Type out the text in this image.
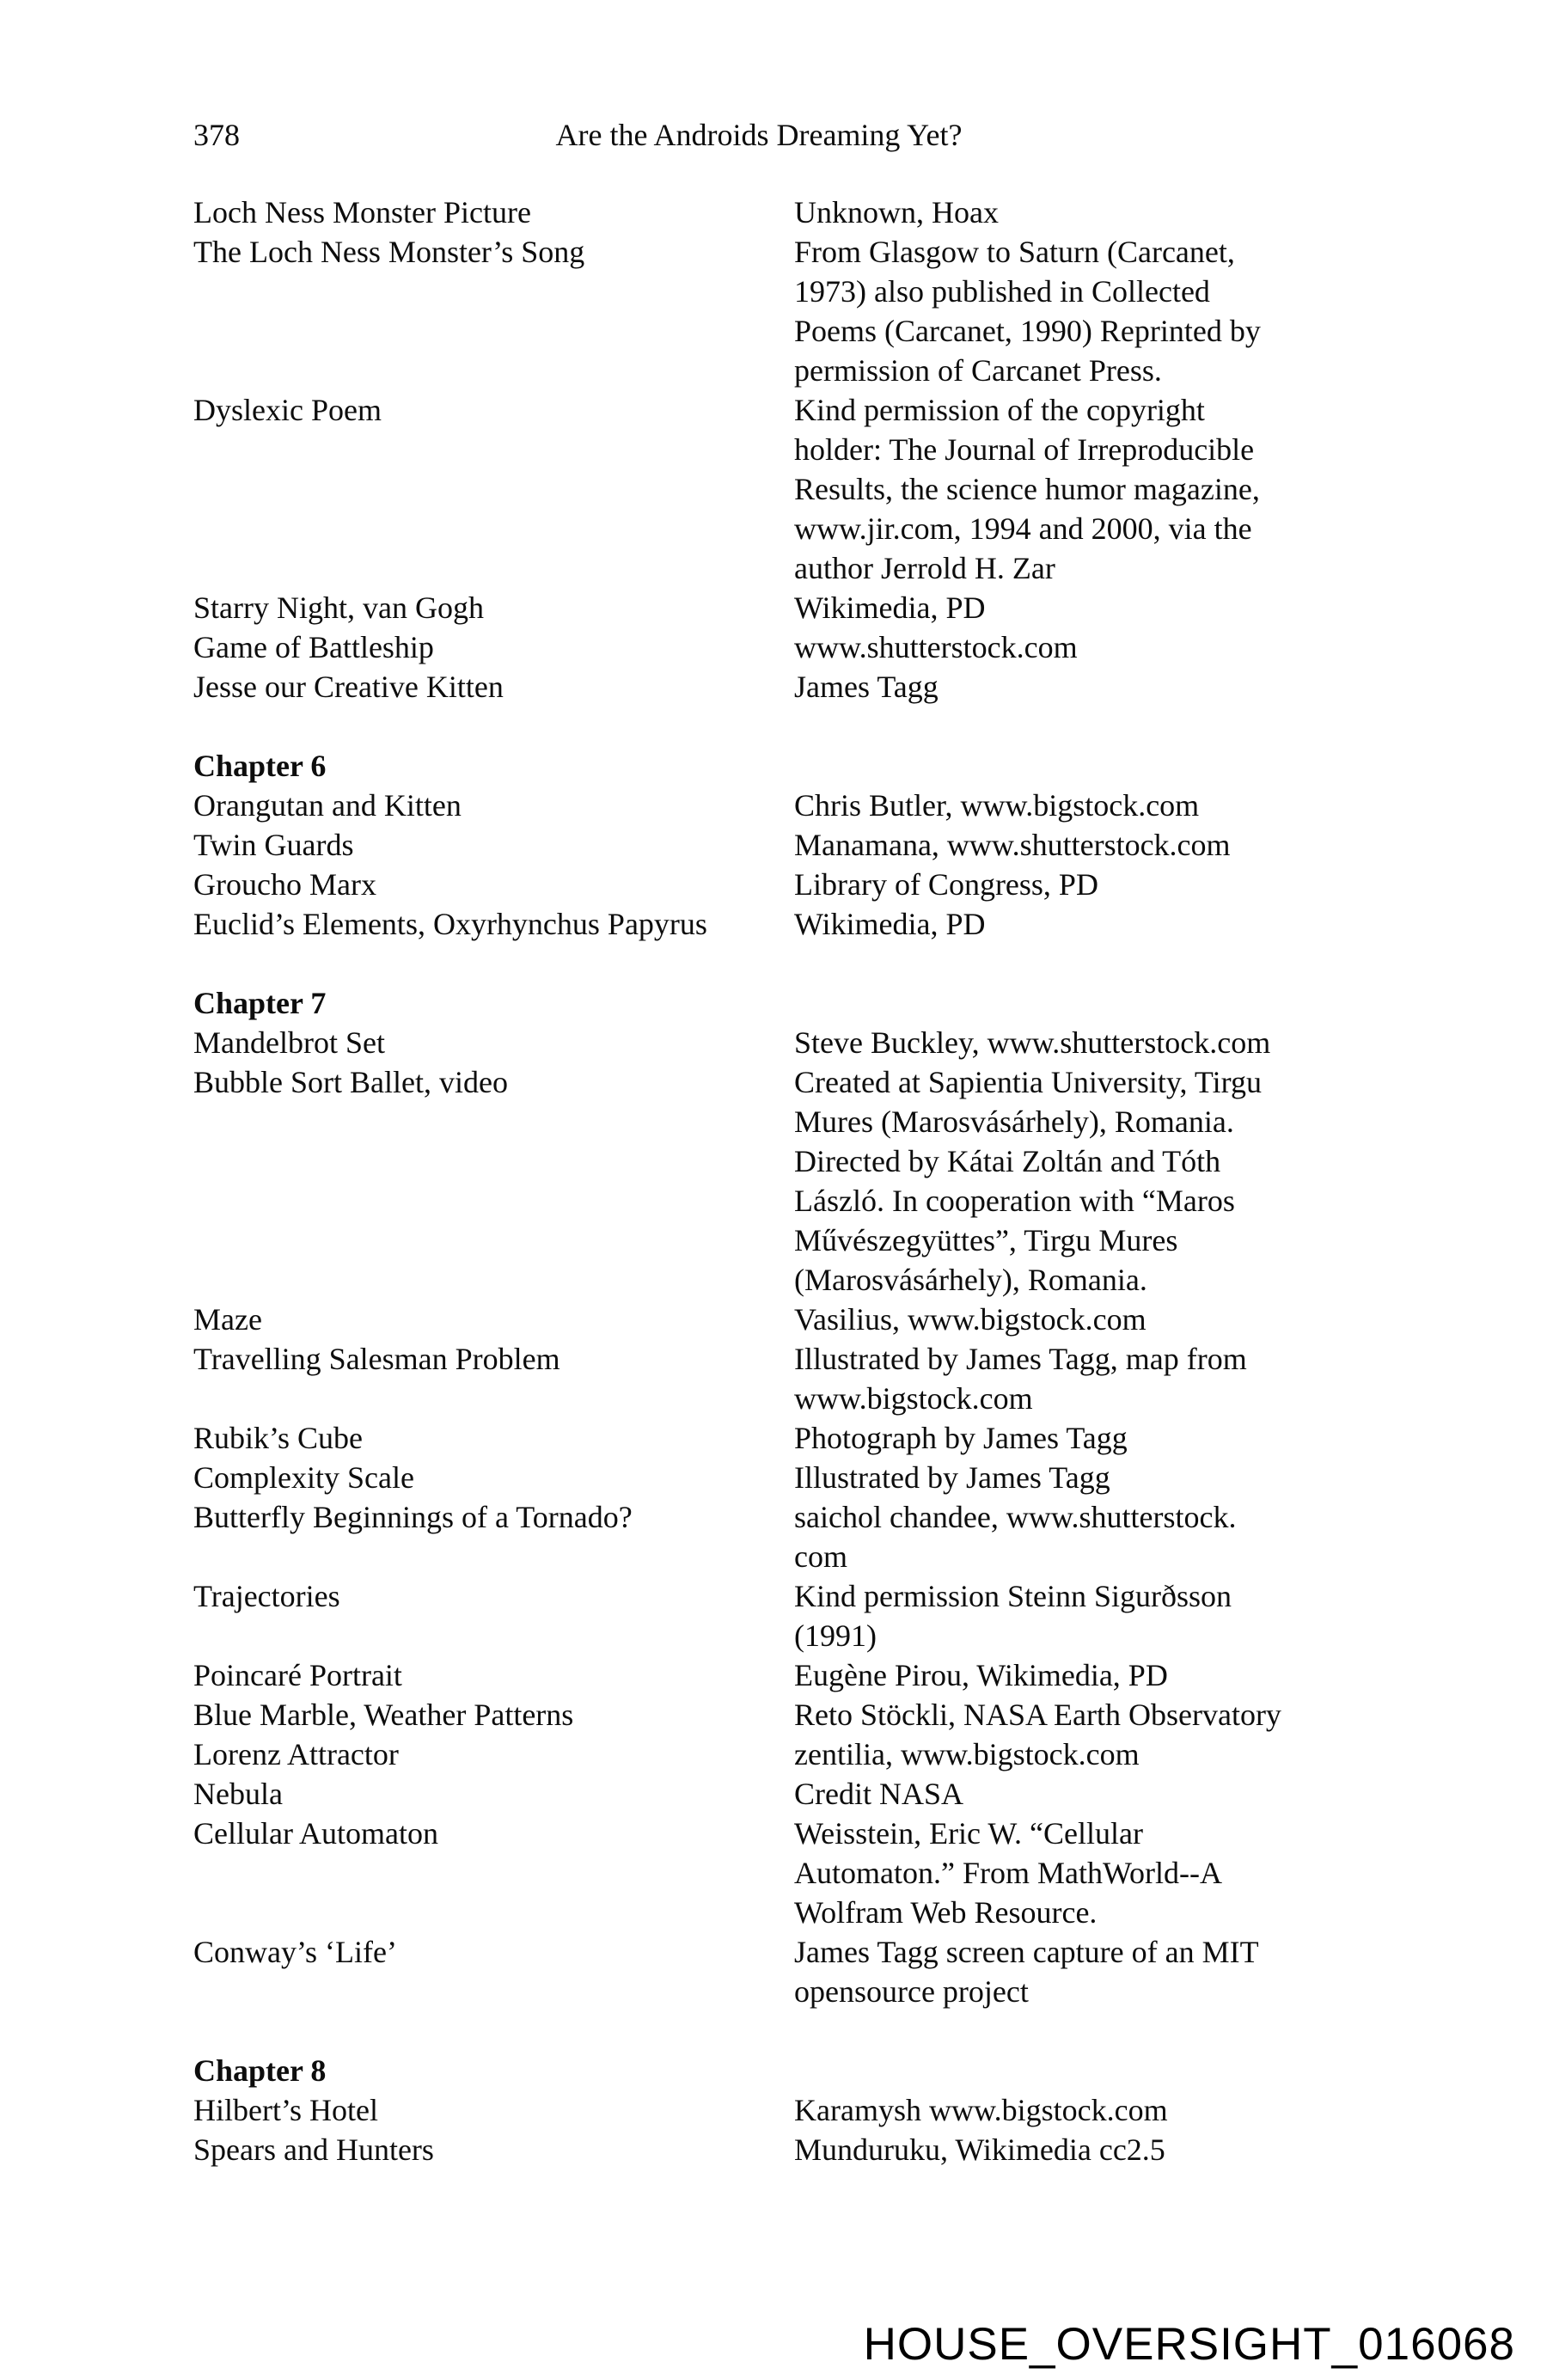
378	Are the Androids Dreaming Yet?
Loch Ness Monster Picture	Unknown, Hoax
The Loch Ness Monster’s Song	From Glasgow to Saturn (Carcanet,
1973) also published in Collected
Poems (Carcanet, 1990) Reprinted by
permission of Carcanet Press.
Dyslexic Poem	Kind permission of the copyright
holder: The Journal of Irreproducible
Results, the science humor magazine,
www.jir.com, 1994 and 2000, via the
author Jerrold H. Zar
Starry Night, van Gogh	Wikimedia, PD
Game of Battleship	www.shutterstock.com
Jesse our Creative Kitten	James Tagg
Chapter 6
Orangutan and Kitten	Chris Butler, www.bigstock.com
Twin Guards	Manamana, www.shutterstock.com
Groucho Marx	Library of Congress, PD
Euclid’s Elements, Oxyrhynchus Papyrus	Wikimedia, PD
Chapter 7
Mandelbrot Set	Steve Buckley, www.shutterstock.com
Bubble Sort Ballet, video	Created at Sapientia University, Tirgu
Mures (Marosvásárhely), Romania.
Directed by Kátai Zoltán and Tóth
László. In cooperation with “Maros
Művészegyüttes”, Tirgu Mures
(Marosvásárhely), Romania.
Maze	Vasilius, www.bigstock.com
Travelling Salesman Problem	Illustrated by James Tagg, map from
www.bigstock.com
Rubik’s Cube	Photograph by James Tagg
Complexity Scale	Illustrated by James Tagg
Butterfly Beginnings of a Tornado?	saichol chandee, www.shutterstock.
com
Trajectories	Kind permission Steinn Sigurðsson
(1991)
Poincaré Portrait	Eugène Pirou, Wikimedia, PD
Blue Marble, Weather Patterns	Reto Stöckli, NASA Earth Observatory
Lorenz Attractor	zentilia, www.bigstock.com
Nebula	Credit NASA
Cellular Automaton	Weisstein, Eric W. “Cellular
Automaton.” From MathWorld--A
Wolfram Web Resource.
Conway’s ‘Life’	James Tagg screen capture of an MIT
opensource project
Chapter 8
Hilbert’s Hotel	Karamysh www.bigstock.com
Spears and Hunters	Munduruku, Wikimedia cc2.5
HOUSE_OVERSIGHT_016068
